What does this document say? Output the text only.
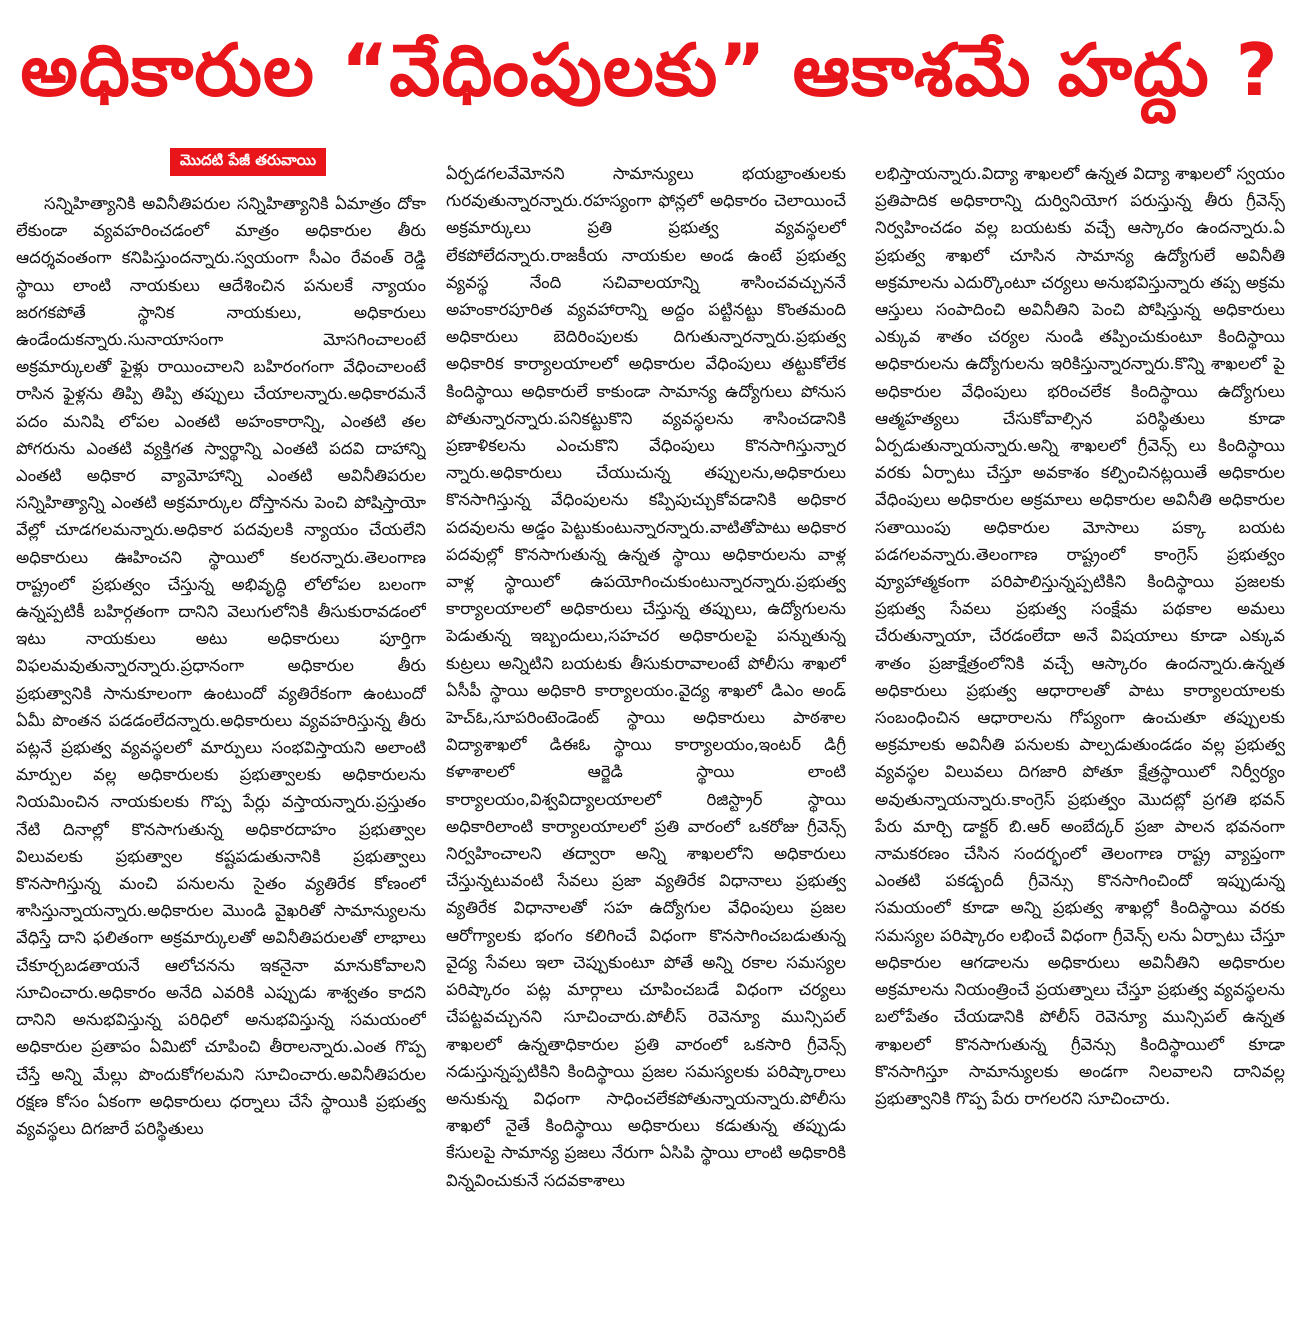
అధికారుల “వేధింపులకు” ఆకాశమే హద్దు ?
మొదటి పేజీ తరువాయి

సన్నిహిత్యానికి అవినీతిపరుల సన్నిహిత్యానికి ఏమాత్రం దోకా లేకుండా వ్యవహరించడంలో మాత్రం అధికారుల తీరు ఆదర్శవంతంగా కనిపిస్తుందన్నారు.స్వయంగా సీఎం రేవంత్ రెడ్డి స్థాయి లాంటి నాయకులు ఆదేశించిన పనులకే న్యాయం జరగకపోతే స్థానిక నాయకులు, అధికారులు ఉండేందుకన్నారు.సునాయాసంగా మోసగించాలంటే అక్రమార్కులతో ఫైళ్లు రాయించాలని బహిరంగంగా వేధించాలంటే రాసిన ఫైళ్లను తిప్పి తిప్పి తప్పులు చేయాలన్నారు.అధికారమనే పదం మనిషి లోపల ఎంతటి అహంకారాన్ని, ఎంతటి తల పోగరును ఎంతటి వ్యక్తిగత స్వార్థాన్ని ఎంతటి పదవి దాహాన్ని ఎంతటి అధికార వ్యామోహాన్ని ఎంతటి అవినీతిపరుల సన్నిహిత్యాన్ని ఎంతటి అక్రమార్కుల దోస్తానను పెంచి పోషిస్తాయో వేల్లో చూడగలమన్నారు.అధికార పదవులకి న్యాయం చేయలేని అధికారులు ఊహించని స్థాయిలో కలరన్నారు.తెలంగాణ రాష్ట్రంలో ప్రభుత్వం చేస్తున్న అభివృద్ధి లోలోపల బలంగా ఉన్నప్పటికీ బహిర్గతంగా దానిని వెలుగులోనికి తీసుకురావడంలో ఇటు నాయకులు అటు అధికారులు పూర్తిగా విఫలమవుతున్నారన్నారు.ప్రధానంగా అధికారుల తీరు ప్రభుత్వానికి సానుకూలంగా ఉంటుందో వ్యతిరేకంగా ఉంటుందో ఏమీ పొంతన పడడంలేదన్నారు.అధికారులు వ్యవహరిస్తున్న తీరు పట్లనే ప్రభుత్వ వ్యవస్థలలో మార్పులు సంభవిస్తాయని అలాంటి మార్పుల వల్ల అధికారులకు ప్రభుత్వాలకు అధికారులను నియమించిన నాయకులకు గొప్ప పేర్లు వస్తాయన్నారు.ప్రస్తుతం నేటి దినాల్లో కొనసాగుతున్న అధికారదాహం ప్రభుత్వాల విలువలకు ప్రభుత్వాల కష్టపడుతునానికి ప్రభుత్వాలు కొనసాగిస్తున్న మంచి పనులను సైతం వ్యతిరేక కోణంలో శాసిస్తున్నాయన్నారు.అధికారుల మొండి వైఖరితో సామాన్యులను వేధిస్తే దాని ఫలితంగా అక్రమార్కులతో అవినీతిపరులతో లాభాలు చేకూర్చబడతాయనే ఆలోచనను ఇకనైనా మానుకోవాలని సూచించారు.అధికారం అనేది ఎవరికి ఎప్పుడు శాశ్వతం కాదని దానిని అనుభవిస్తున్న పరిధిలో అనుభవిస్తున్న సమయంలో అధికారుల ప్రతాపం ఏమిటో చూపించి తీరాలన్నారు.ఎంత గొప్ప చేస్తే అన్ని మేల్లు పొందుకోగలమని సూచించారు.అవినీతిపరుల రక్షణ కోసం ఏకంగా అధికారులు ధర్నాలు చేసే స్థాయికి ప్రభుత్వ వ్యవస్థలు దిగజారే పరిస్థితులు

ఏర్పడగలవేమోనని సామాన్యులు భయభ్రాంతులకు గురవుతున్నారన్నారు.రహస్యంగా ఫోన్లలో అధికారం చెలాయించే అక్రమార్కులు ప్రతి ప్రభుత్వ వ్యవస్థలలో లేకపోలేదన్నారు.రాజకీయ నాయకుల అండ ఉంటే ప్రభుత్వ వ్యవస్థ నేంది సచివాలయాన్ని శాసించవచ్చుననే అహంకారపూరిత వ్యవహారాన్ని అద్దం పట్టినట్టు కొంతమంది అధికారులు బెదిరింపులకు దిగుతున్నారన్నారు.ప్రభుత్వ అధికారిక కార్యాలయాలలో అధికారుల వేధింపులు తట్టుకోలేక కిందిస్థాయి అధికారులే కాకుండా సామాన్య ఉద్యోగులు పోనుస పోతున్నారన్నారు.పనికట్టుకొని వ్యవస్థలను శాసించడానికి ప్రణాళికలను ఎంచుకొని వేధింపులు కొనసాగిస్తున్నార న్నారు.అధికారులు చేయుచున్న తప్పులను,అధికారులు కొనసాగిస్తున్న వేధింపులను కప్పిపుచ్చుకోవడానికి అధికార పదవులను అడ్డం పెట్టుకుంటున్నారన్నారు.వాటితోపాటు అధికార పదవుల్లో కొనసాగుతున్న ఉన్నత స్థాయి అధికారులను వాళ్ల వాళ్ల స్థాయిలో ఉపయోగించుకుంటున్నారన్నారు.ప్రభుత్వ కార్యాలయాలలో అధికారులు చేస్తున్న తప్పులు, ఉద్యోగులను పెడుతున్న ఇబ్బందులు,సహచర అధికారులపై పన్నుతున్న కుట్రలు అన్నిటిని బయటకు తీసుకురావాలంటే పోలీసు శాఖలో ఏసీపీ స్థాయి అధికారి కార్యాలయం.వైద్య శాఖలో డిఎం అండ్ హెచ్ఓ,సూపరింటెండెంట్ స్థాయి అధికారులు పాఠశాల విద్యాశాఖలో డిఈఓ స్థాయి కార్యాలయం,ఇంటర్ డిగ్రీ కళాశాలలో ఆర్జెడి స్థాయి లాంటి కార్యాలయం,విశ్వవిద్యాలయాలలో రిజిస్ట్రార్ స్థాయి అధికారిలాంటి కార్యాలయాలలో ప్రతి వారంలో ఒకరోజు గ్రీవెన్స్ నిర్వహించాలని తద్వారా అన్ని శాఖలలోని అధికారులు చేస్తున్నటువంటి సేవలు ప్రజా వ్యతిరేక విధానాలు ప్రభుత్వ వ్యతిరేక విధానాలతో సహ ఉద్యోగుల వేధింపులు ప్రజల ఆరోగ్యాలకు భంగం కలిగించే విధంగా కొనసాగించబడుతున్న వైద్య సేవలు ఇలా చెప్పుకుంటూ పోతే అన్ని రకాల సమస్యల పరిష్కారం పట్ల మార్గాలు చూపించబడే విధంగా చర్యలు చేపట్టవచ్చునని సూచించారు.పోలీస్ రెవెన్యూ మున్సిపల్ శాఖలలో ఉన్నతాధికారుల ప్రతి వారంలో ఒకసారి గ్రీవెన్స్ నడుస్తున్నప్పటికిని కిందిస్థాయి ప్రజల సమస్యలకు పరిష్కారాలు అనుకున్న విధంగా సాధించలేకపోతున్నాయన్నారు.పోలీసు శాఖలో నైతే కిందిస్థాయి అధికారులు కడుతున్న తప్పుడు కేసులపై సామాన్య ప్రజలు నేరుగా ఏసిపి స్థాయి లాంటి అధికారికి విన్నవించుకునే సదవకాశాలు

లభిస్తాయన్నారు.విద్యా శాఖలలో ఉన్నత విద్యా శాఖలలో స్వయం ప్రతిపాదిక అధికారాన్ని దుర్వినియోగ పరుస్తున్న తీరు గ్రీవెన్స్ నిర్వహించడం వల్ల బయటకు వచ్చే ఆస్కారం ఉందన్నారు.ఏ ప్రభుత్వ శాఖలో చూసిన సామాన్య ఉద్యోగులే అవినీతి అక్రమాలను ఎదుర్కొంటూ చర్యలు అనుభవిస్తున్నారు తప్ప అక్రమ ఆస్తులు సంపాదించి అవినీతిని పెంచి పోషిస్తున్న అధికారులు ఎక్కువ శాతం చర్యల నుండి తప్పించుకుంటూ కిందిస్థాయి అధికారులను ఉద్యోగులను ఇరికిస్తున్నారన్నారు.కొన్ని శాఖలలో పై అధికారుల వేధింపులు భరించలేక కిందిస్థాయి ఉద్యోగులు ఆత్మహత్యలు చేసుకోవాల్సిన పరిస్థితులు కూడా ఏర్పడుతున్నాయన్నారు.అన్ని శాఖలలో గ్రీవెన్స్ లు కిందిస్థాయి వరకు ఏర్పాటు చేస్తూ అవకాశం కల్పించినట్లయితే అధికారుల వేధింపులు అధికారుల అక్రమాలు అధికారుల అవినీతి అధికారుల సతాయింపు అధికారుల మోసాలు పక్కా బయట పడగలవన్నారు.తెలంగాణ రాష్ట్రంలో కాంగ్రెస్ ప్రభుత్వం వ్యూహాత్మకంగా పరిపాలిస్తున్నప్పటికిని కిందిస్థాయి ప్రజలకు ప్రభుత్వ సేవలు ప్రభుత్వ సంక్షేమ పథకాల అమలు చేరుతున్నాయా, చేరడంలేదా అనే విషయాలు కూడా ఎక్కువ శాతం ప్రజాక్షేత్రంలోనికి వచ్చే ఆస్కారం ఉందన్నారు.ఉన్నత అధికారులు ప్రభుత్వ ఆధారాలతో పాటు కార్యాలయాలకు సంబంధించిన ఆధారాలను గోప్యంగా ఉంచుతూ తప్పులకు అక్రమాలకు అవినీతి పనులకు పాల్పడుతుండడం వల్ల ప్రభుత్వ వ్యవస్థల విలువలు దిగజారి పోతూ క్షేత్రస్థాయిలో నిర్వీర్యం అవుతున్నాయన్నారు.కాంగ్రెస్ ప్రభుత్వం మొదట్లో ప్రగతి భవన్ పేరు మార్చి డాక్టర్ బి.ఆర్ అంబేద్కర్ ప్రజా పాలన భవనంగా నామకరణం చేసిన సందర్భంలో తెలంగాణ రాష్ట్ర వ్యాప్తంగా ఎంతటి పకడ్బందీ గ్రీవెన్సు కొనసాగించిందో ఇప్పుడున్న సమయంలో కూడా అన్ని ప్రభుత్వ శాఖల్లో కిందిస్థాయి వరకు సమస్యల పరిష్కారం లభించే విధంగా గ్రీవెన్స్ లను ఏర్పాటు చేస్తూ అధికారుల ఆగడాలను అధికారులు అవినీతిని అధికారుల అక్రమాలను నియంత్రించే ప్రయత్నాలు చేస్తూ ప్రభుత్వ వ్యవస్థలను బలోపేతం చేయడానికి పోలీస్ రెవెన్యూ మున్సిపల్ ఉన్నత శాఖలలో కొనసాగుతున్న గ్రీవెన్సు కిందిస్థాయిలో కూడా కొనసాగిస్తూ సామాన్యులకు అండగా నిలవాలని దానివల్ల ప్రభుత్వానికి గొప్ప పేరు రాగలరని సూచించారు.
